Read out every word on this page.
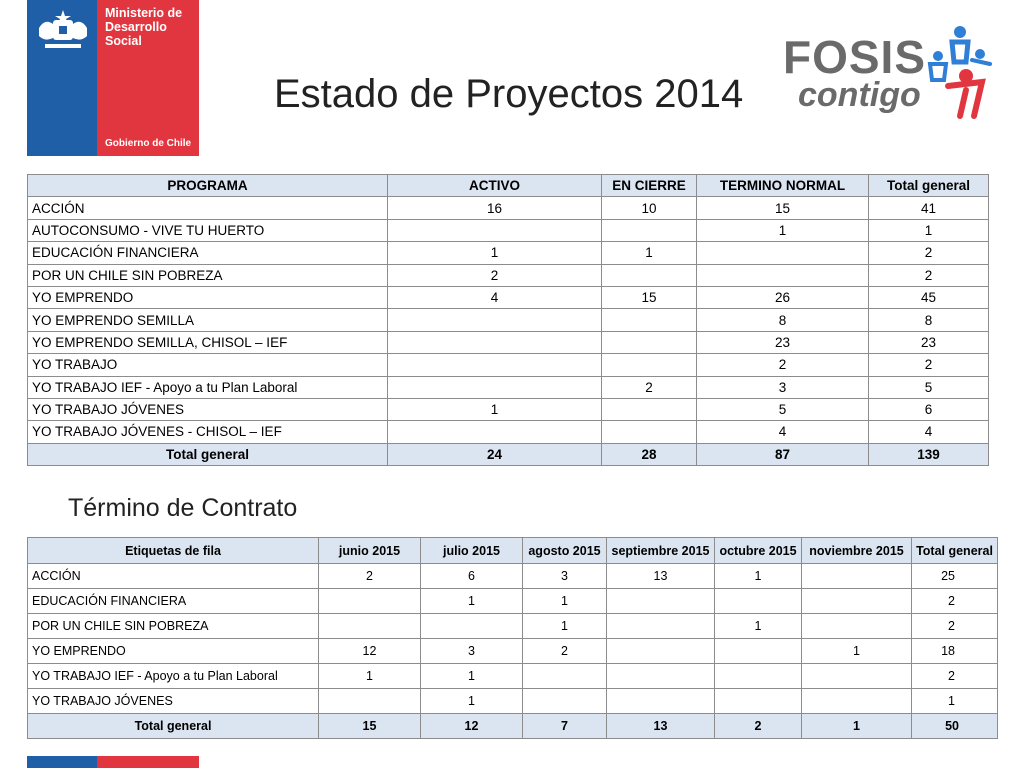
Ministerio de
Desarrollo
Social
Gobierno de Chile
Estado de Proyectos 2014
FOSIS
contigo
PROGRAMA	ACTIVO	EN CIERRE	TERMINO NORMAL	Total general
ACCIÓN	16	10	15	41
AUTOCONSUMO - VIVE TU HUERTO			1	1
EDUCACIÓN FINANCIERA	1	1		2
POR UN CHILE SIN POBREZA	2			2
YO EMPRENDO	4	15	26	45
YO EMPRENDO SEMILLA			8	8
YO EMPRENDO SEMILLA, CHISOL – IEF			23	23
YO TRABAJO			2	2
YO TRABAJO IEF - Apoyo a tu Plan Laboral		2	3	5
YO TRABAJO JÓVENES	1		5	6
YO TRABAJO JÓVENES - CHISOL – IEF			4	4
Total general	24	28	87	139
Término de Contrato
Etiquetas de fila	junio 2015	julio 2015	agosto 2015	septiembre 2015	octubre 2015	noviembre 2015	Total general
ACCIÓN	2	6	3	13	1		25
EDUCACIÓN FINANCIERA		1	1				2
POR UN CHILE SIN POBREZA			1		1		2
YO EMPRENDO	12	3	2			1	18
YO TRABAJO IEF - Apoyo a tu Plan Laboral	1	1					2
YO TRABAJO JÓVENES		1					1
Total general	15	12	7	13	2	1	50
